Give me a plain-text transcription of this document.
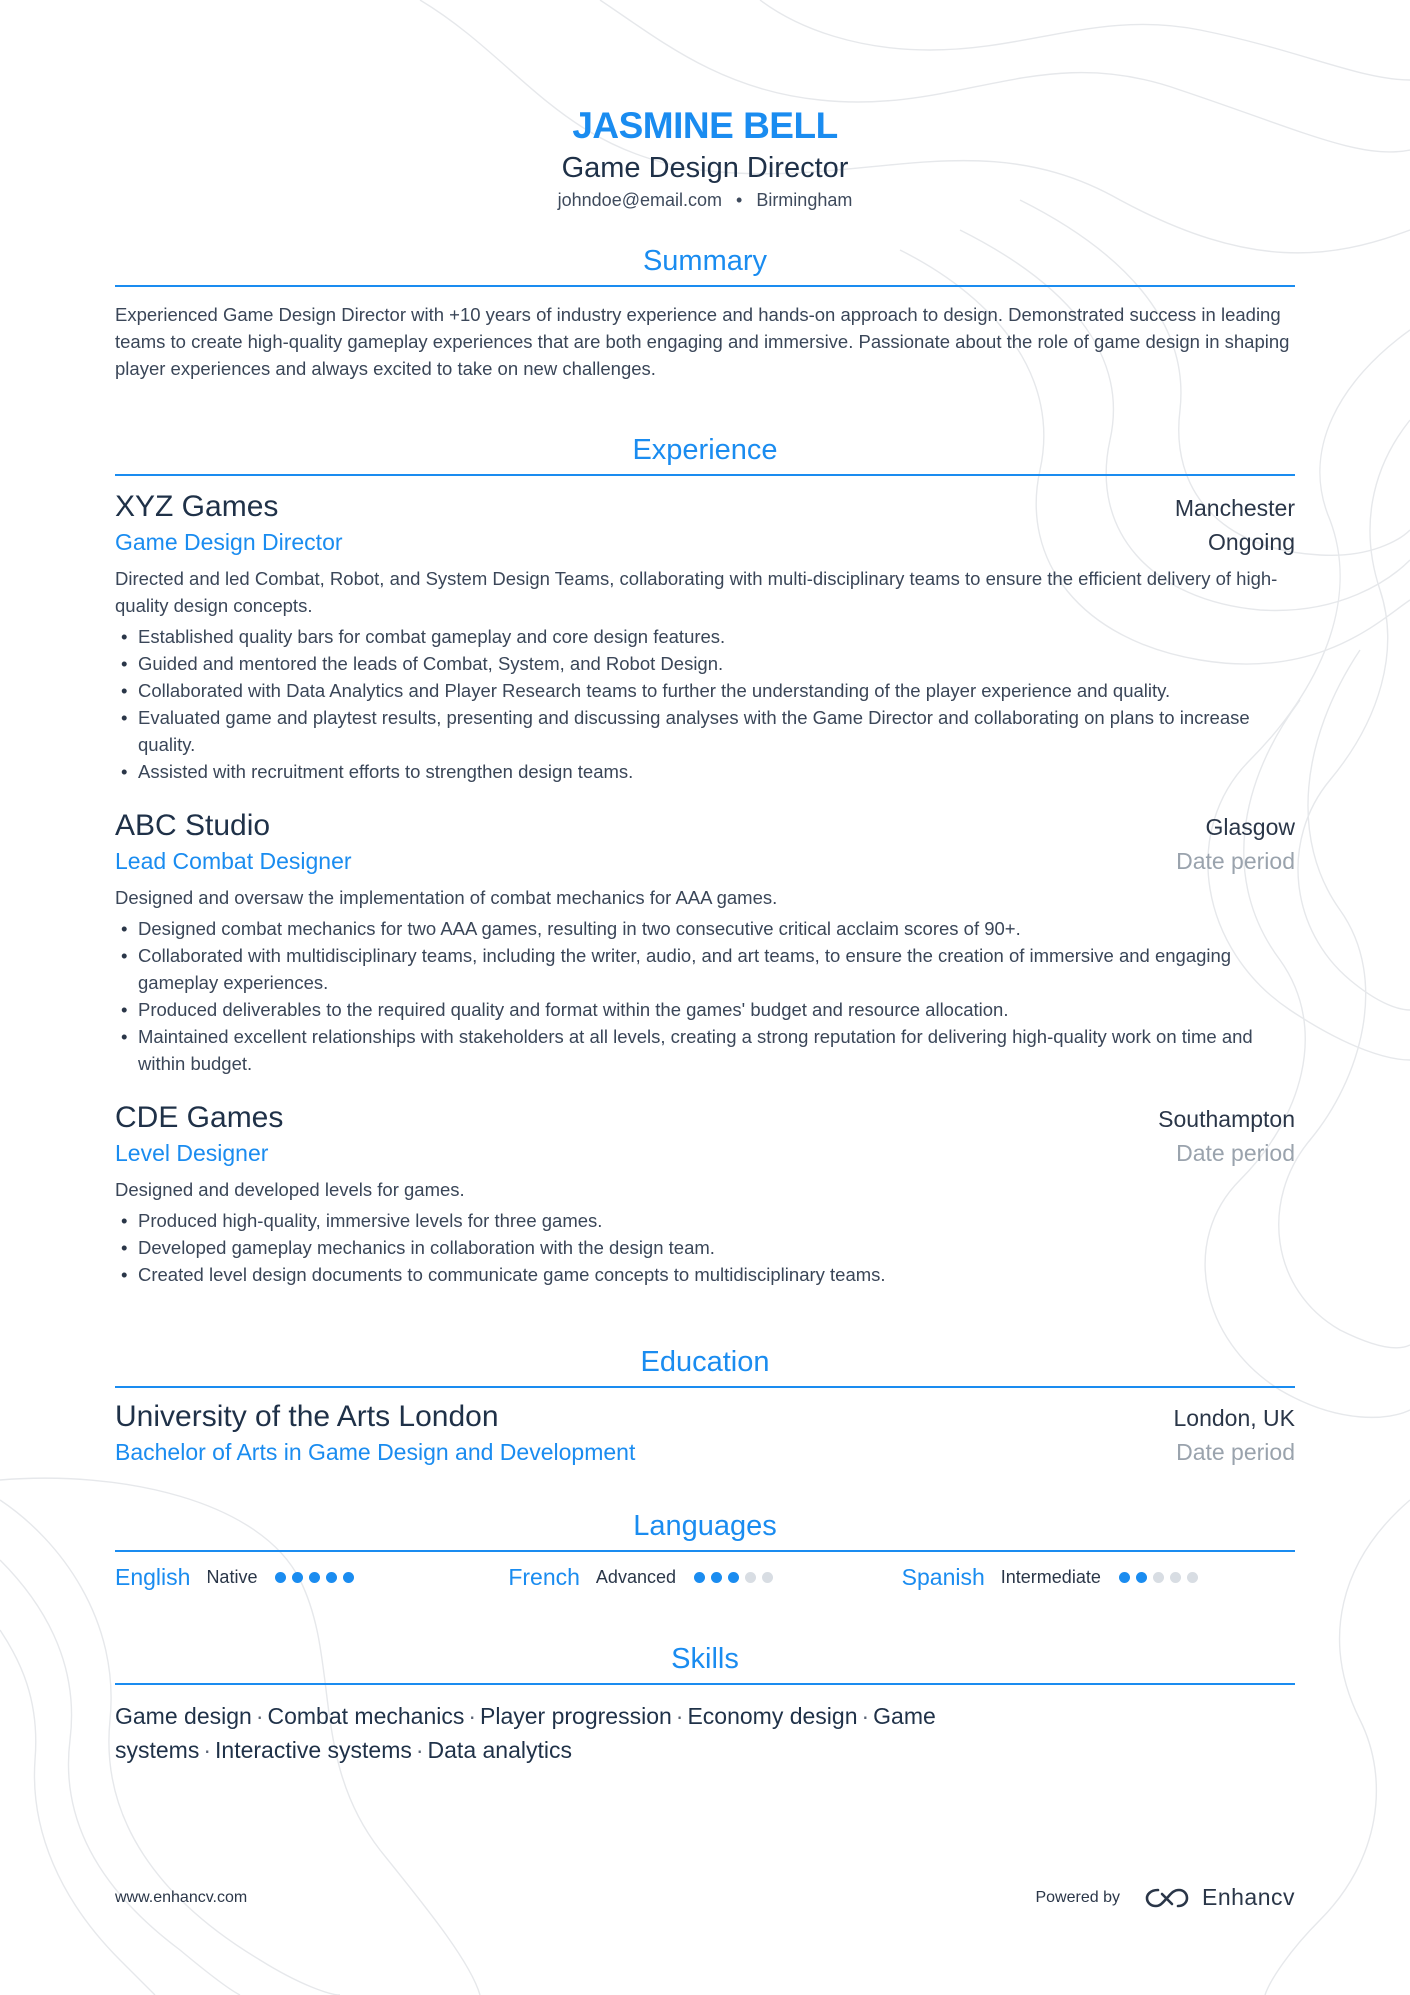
JASMINE BELL
Game Design Director
johndoe@email.com • Birmingham
Summary
Experienced Game Design Director with +10 years of industry experience and hands-on approach to design. Demonstrated success in leading teams to create high-quality gameplay experiences that are both engaging and immersive. Passionate about the role of game design in shaping player experiences and always excited to take on new challenges.
Experience
XYZ Games	Manchester
Game Design Director	Ongoing
Directed and led Combat, Robot, and System Design Teams, collaborating with multi-disciplinary teams to ensure the efficient delivery of high-quality design concepts.
• Established quality bars for combat gameplay and core design features.
• Guided and mentored the leads of Combat, System, and Robot Design.
• Collaborated with Data Analytics and Player Research teams to further the understanding of the player experience and quality.
• Evaluated game and playtest results, presenting and discussing analyses with the Game Director and collaborating on plans to increase quality.
• Assisted with recruitment efforts to strengthen design teams.
ABC Studio	Glasgow
Lead Combat Designer	Date period
Designed and oversaw the implementation of combat mechanics for AAA games.
• Designed combat mechanics for two AAA games, resulting in two consecutive critical acclaim scores of 90+.
• Collaborated with multidisciplinary teams, including the writer, audio, and art teams, to ensure the creation of immersive and engaging gameplay experiences.
• Produced deliverables to the required quality and format within the games' budget and resource allocation.
• Maintained excellent relationships with stakeholders at all levels, creating a strong reputation for delivering high-quality work on time and within budget.
CDE Games	Southampton
Level Designer	Date period
Designed and developed levels for games.
• Produced high-quality, immersive levels for three games.
• Developed gameplay mechanics in collaboration with the design team.
• Created level design documents to communicate game concepts to multidisciplinary teams.
Education
University of the Arts London	London, UK
Bachelor of Arts in Game Design and Development	Date period
Languages
English Native	French Advanced	Spanish Intermediate
Skills
Game design · Combat mechanics · Player progression · Economy design · Game systems · Interactive systems · Data analytics
www.enhancv.com	Powered by	Enhancv
